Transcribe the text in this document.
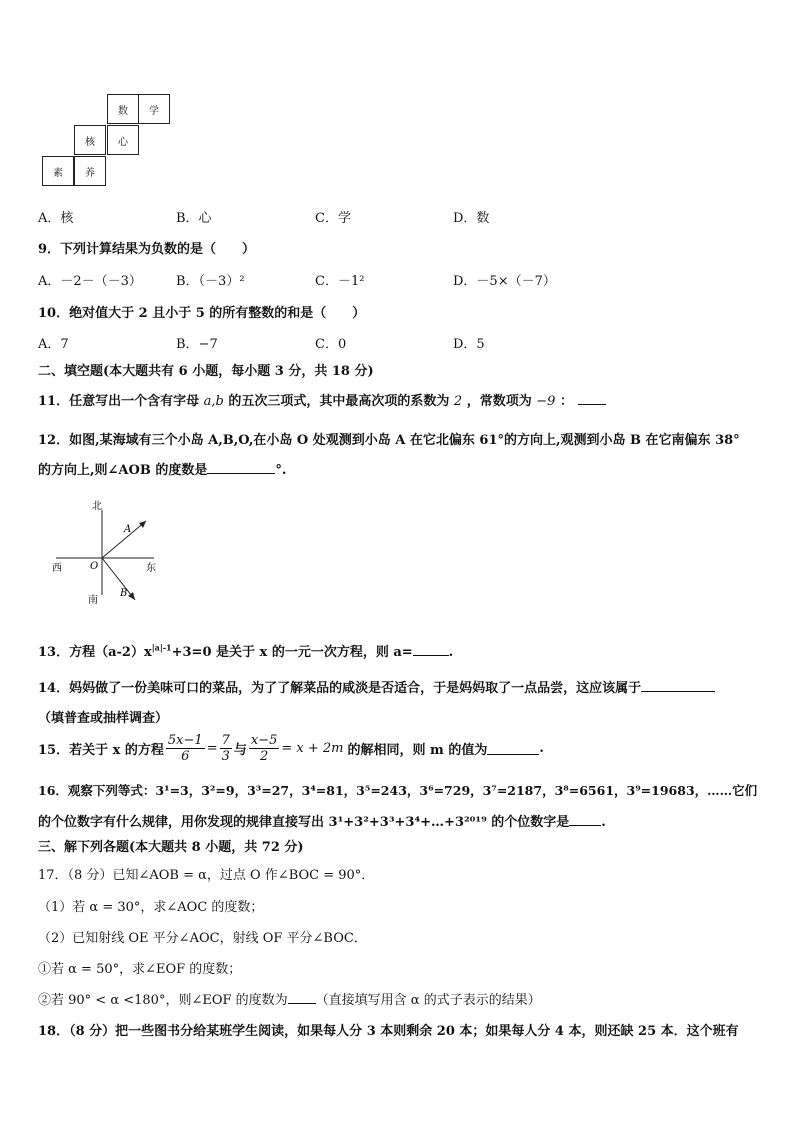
数	学
核	心
素	养
A．核	B．心	C．学	D．数
9．下列计算结果为负数的是（　　）
A．－2－（－3）	B．（－3）²	C．－1²	D．－5×（－7）
10．绝对值大于 2 且小于 5 的所有整数的和是（　　）
A．7	B．−7	C．0	D．5
二、填空题(本大题共有 6 小题，每小题 3 分，共 18 分)
11．任意写出一个含有字母 a,b 的五次三项式，其中最高次项的系数为 2 ，常数项为 −9 ：
12．如图,某海域有三个小岛 A,B,O,在小岛 O 处观测到小岛 A 在它北偏东 61°的方向上,观测到小岛 B 在它南偏东 38°
的方向上,则∠AOB 的度数是	°.
北
南
西	东
O
A
B
13．方程$(a-2)x^{|a|-1}+3=0$ 是关于 x 的一元一次方程，则 a=	.
14．妈妈做了一份美味可口的菜品，为了了解菜品的咸淡是否适合，于是妈妈取了一点品尝，这应该属于
（填普查或抽样调查）
15．若关于 x 的方程 $\frac{5x-1}{6} = \frac{7}{3}$ 与 $\frac{x-5}{2} = x + 2m$ 的解相同，则 m 的值为	.
16．观察下列等式：3¹=3，3²=9，3³=27，3⁴=81，3⁵=243，3⁶=729，3⁷=2187，3⁸=6561，3⁹=19683，……它们
的个位数字有什么规律，用你发现的规律直接写出 3¹+3²+3³+3⁴+…+3²⁰¹⁹ 的个位数字是 .
三、解下列各题(本大题共 8 小题，共 72 分)
17．（8 分）已知∠AOB = α，过点 O 作∠BOC = 90°．
（1）若 α = 30°，求∠AOC 的度数；
（2）已知射线 OE 平分∠AOC，射线 OF 平分∠BOC．
①若 α = 50°，求∠EOF 的度数；
②若 90° < α <180°，则∠EOF 的度数为 （直接填写用含 α 的式子表示的结果）
18．（8 分）把一些图书分给某班学生阅读，如果每人分 3 本则剩余 20 本；如果每人分 4 本，则还缺 25 本．这个班有
